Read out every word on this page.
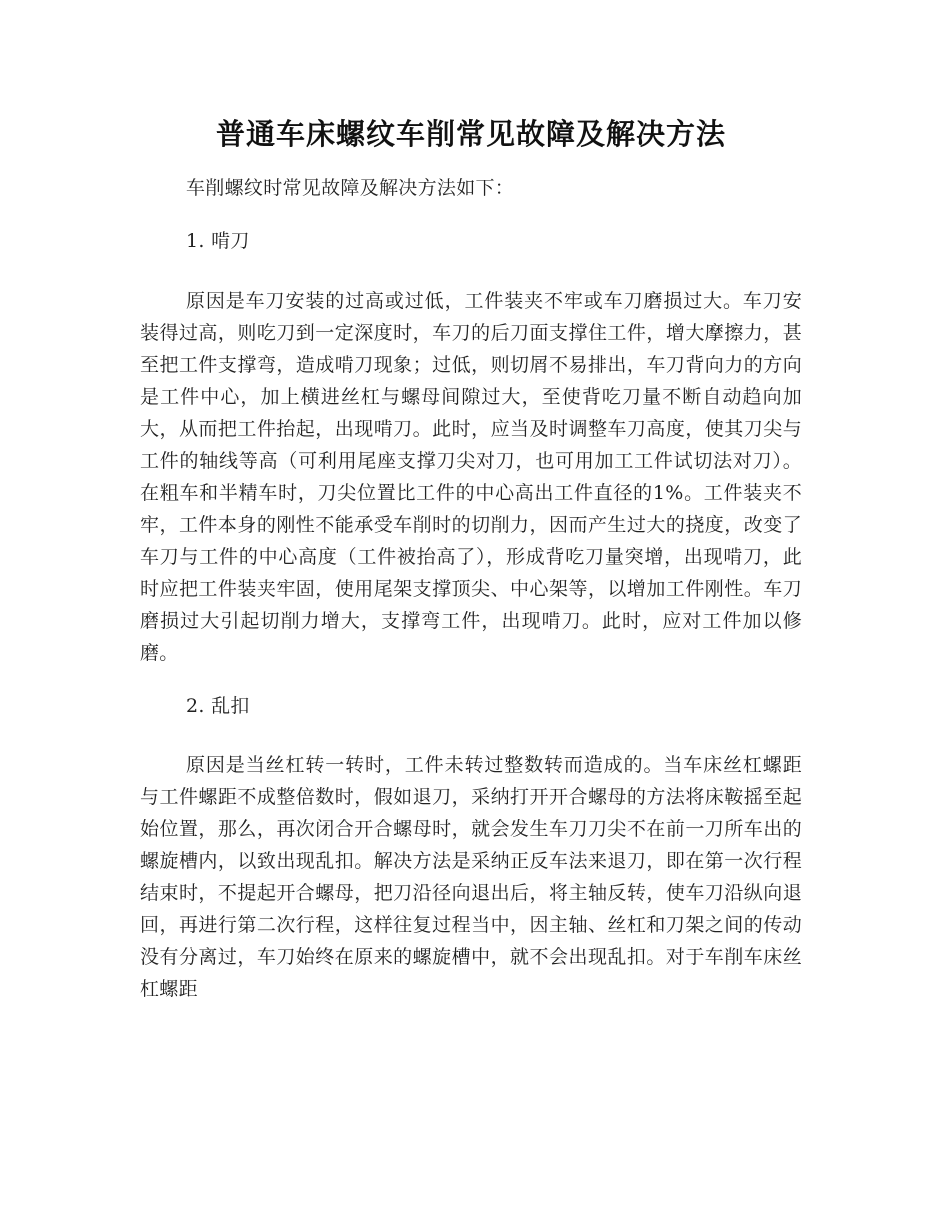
普通车床螺纹车削常见故障及解决方法

车削螺纹时常见故障及解决方法如下：

1. 啃刀

原因是车刀安装的过高或过低，工件装夹不牢或车刀磨损过大。车刀安装得过高，则吃刀到一定深度时，车刀的后刀面支撑住工件，增大摩擦力，甚至把工件支撑弯，造成啃刀现象；过低，则切屑不易排出，车刀背向力的方向是工件中心，加上横进丝杠与螺母间隙过大，至使背吃刀量不断自动趋向加大，从而把工件抬起，出现啃刀。此时，应当及时调整车刀高度，使其刀尖与工件的轴线等高（可利用尾座支撑刀尖对刀，也可用加工工件试切法对刀）。在粗车和半精车时，刀尖位置比工件的中心高出工件直径的1%。工件装夹不牢，工件本身的刚性不能承受车削时的切削力，因而产生过大的挠度，改变了车刀与工件的中心高度（工件被抬高了），形成背吃刀量突增，出现啃刀，此时应把工件装夹牢固，使用尾架支撑顶尖、中心架等，以增加工件刚性。车刀磨损过大引起切削力增大，支撑弯工件，出现啃刀。此时，应对工件加以修磨。

2. 乱扣

原因是当丝杠转一转时，工件未转过整数转而造成的。当车床丝杠螺距与工件螺距不成整倍数时，假如退刀，采纳打开开合螺母的方法将床鞍摇至起始位置，那么，再次闭合开合螺母时，就会发生车刀刀尖不在前一刀所车出的螺旋槽内，以致出现乱扣。解决方法是采纳正反车法来退刀，即在第一次行程结束时，不提起开合螺母，把刀沿径向退出后，将主轴反转，使车刀沿纵向退回，再进行第二次行程，这样往复过程当中，因主轴、丝杠和刀架之间的传动没有分离过，车刀始终在原来的螺旋槽中，就不会出现乱扣。对于车削车床丝杠螺距
